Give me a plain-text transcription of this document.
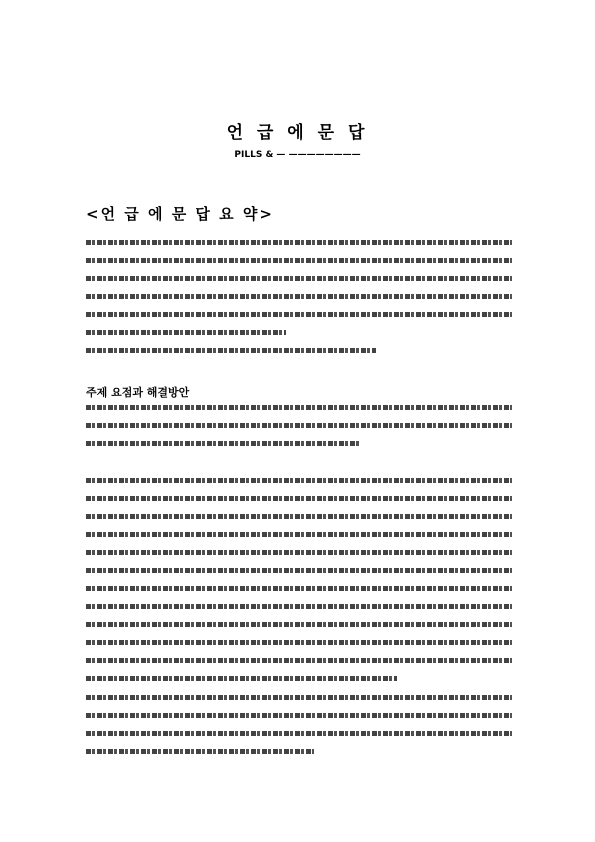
언 급 에 문 답
PILLS & — ————————
<언 급 에 문 답 요 약>
주제 요점과 해결방안
